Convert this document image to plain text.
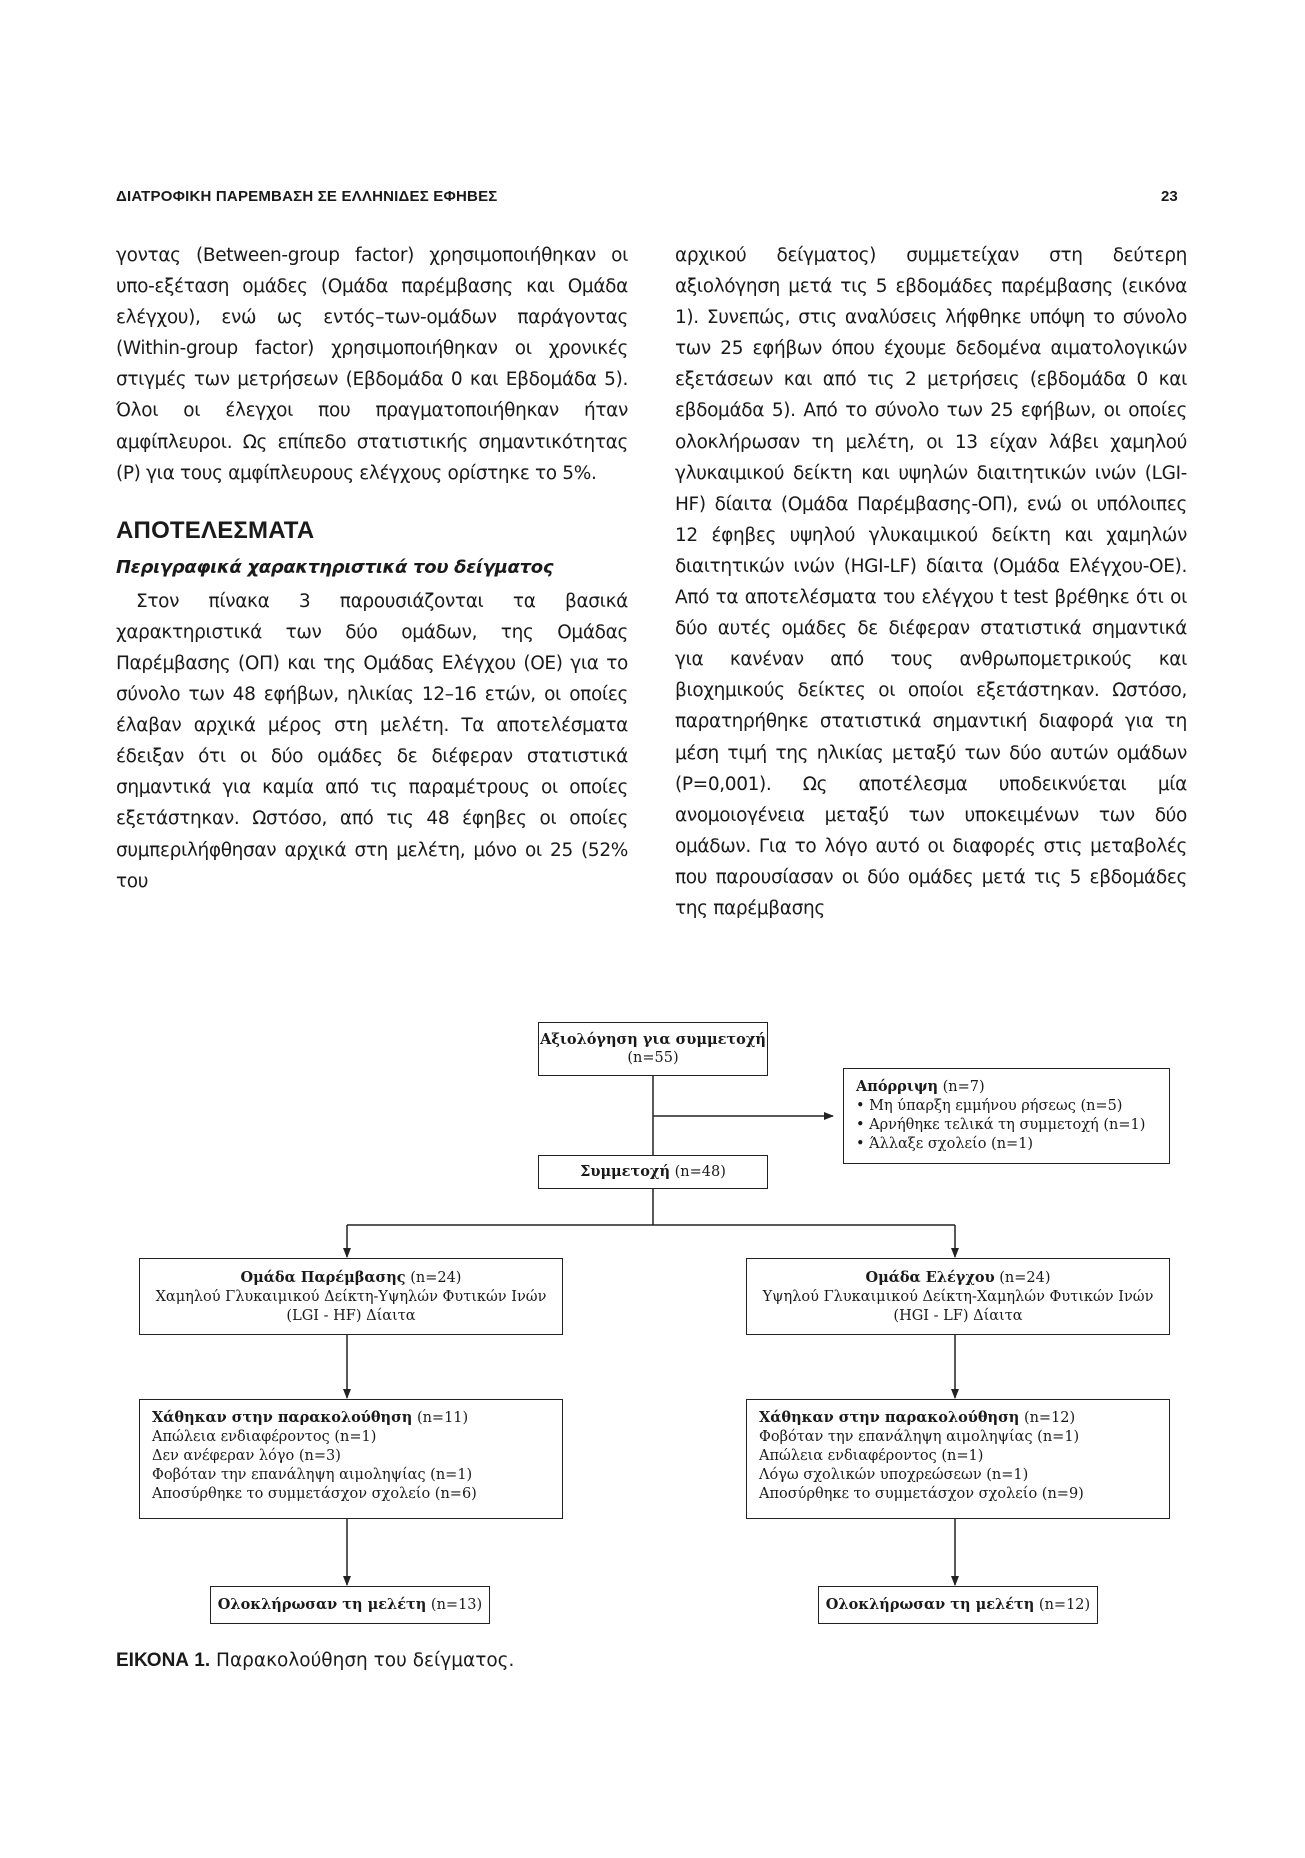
ΔΙΑΤΡΟΦΙΚΗ ΠΑΡΕΜΒΑΣΗ ΣΕ ΕΛΛΗΝΙΔΕΣ ΕΦΗΒΕΣ	23

γοντας (Between-group factor) χρησιμοποιήθηκαν οι υπο-εξέταση ομάδες (Ομάδα παρέμβασης και Ομάδα ελέγχου), ενώ ως εντός–των-ομάδων παράγοντας (Within-group factor) χρησιμοποιήθηκαν οι χρονικές στιγμές των μετρήσεων (Εβδομάδα 0 και Εβδομάδα 5). Όλοι οι έλεγχοι που πραγματοποιήθηκαν ήταν αμφίπλευροι. Ως επίπεδο στατιστικής σημαντικότητας (P) για τους αμφίπλευρους ελέγχους ορίστηκε το 5%.

ΑΠΟΤΕΛΕΣΜΑΤΑ
Περιγραφικά χαρακτηριστικά του δείγματος

Στον πίνακα 3 παρουσιάζονται τα βασικά χαρακτηριστικά των δύο ομάδων, της Ομάδας Παρέμβασης (ΟΠ) και της Ομάδας Ελέγχου (ΟΕ) για το σύνολο των 48 εφήβων, ηλικίας 12–16 ετών, οι οποίες έλαβαν αρχικά μέρος στη μελέτη. Τα αποτελέσματα έδειξαν ότι οι δύο ομάδες δε διέφεραν στατιστικά σημαντικά για καμία από τις παραμέτρους οι οποίες εξετάστηκαν. Ωστόσο, από τις 48 έφηβες οι οποίες συμπεριλήφθησαν αρχικά στη μελέτη, μόνο οι 25 (52% του

αρχικού δείγματος) συμμετείχαν στη δεύτερη αξιολόγηση μετά τις 5 εβδομάδες παρέμβασης (εικόνα 1). Συνεπώς, στις αναλύσεις λήφθηκε υπόψη το σύνολο των 25 εφήβων όπου έχουμε δεδομένα αιματολογικών εξετάσεων και από τις 2 μετρήσεις (εβδομάδα 0 και εβδομάδα 5). Από το σύνολο των 25 εφήβων, οι οποίες ολοκλήρωσαν τη μελέτη, οι 13 είχαν λάβει χαμηλού γλυκαιμικού δείκτη και υψηλών διαιτητικών ινών (LGI-HF) δίαιτα (Ομάδα Παρέμβασης-ΟΠ), ενώ οι υπόλοιπες 12 έφηβες υψηλού γλυκαιμικού δείκτη και χαμηλών διαιτητικών ινών (HGI-LF) δίαιτα (Ομάδα Ελέγχου-ΟΕ). Από τα αποτελέσματα του ελέγχου t test βρέθηκε ότι οι δύο αυτές ομάδες δε διέφεραν στατιστικά σημαντικά για κανέναν από τους ανθρωπομετρικούς και βιοχημικούς δείκτες οι οποίοι εξετάστηκαν. Ωστόσο, παρατηρήθηκε στατιστικά σημαντική διαφορά για τη μέση τιμή της ηλικίας μεταξύ των δύο αυτών ομάδων (P=0,001). Ως αποτέλεσμα υποδεικνύεται μία ανομοιογένεια μεταξύ των υποκειμένων των δύο ομάδων. Για το λόγο αυτό οι διαφορές στις μεταβολές που παρουσίασαν οι δύο ομάδες μετά τις 5 εβδομάδες της παρέμβασης

Αξιολόγηση για συμμετοχή
(n=55)
Απόρριψη (n=7)
• Μη ύπαρξη εμμήνου ρήσεως (n=5)
• Αρνήθηκε τελικά τη συμμετοχή (n=1)
• Άλλαξε σχολείο (n=1)
Συμμετοχή (n=48)
Ομάδα Παρέμβασης (n=24)
Χαμηλού Γλυκαιμικού Δείκτη-Υψηλών Φυτικών Ινών
(LGI - HF) Δίαιτα
Ομάδα Ελέγχου (n=24)
Υψηλού Γλυκαιμικού Δείκτη-Χαμηλών Φυτικών Ινών
(HGI - LF) Δίαιτα
Χάθηκαν στην παρακολούθηση (n=11)
Απώλεια ενδιαφέροντος (n=1)
Δεν ανέφεραν λόγο (n=3)
Φοβόταν την επανάληψη αιμοληψίας (n=1)
Αποσύρθηκε το συμμετάσχον σχολείο (n=6)
Χάθηκαν στην παρακολούθηση (n=12)
Φοβόταν την επανάληψη αιμοληψίας (n=1)
Απώλεια ενδιαφέροντος (n=1)
Λόγω σχολικών υποχρεώσεων (n=1)
Αποσύρθηκε το συμμετάσχον σχολείο (n=9)
Ολοκλήρωσαν τη μελέτη (n=13)	Ολοκλήρωσαν τη μελέτη (n=12)
ΕΙΚΟΝΑ 1. Παρακολούθηση του δείγματος.
